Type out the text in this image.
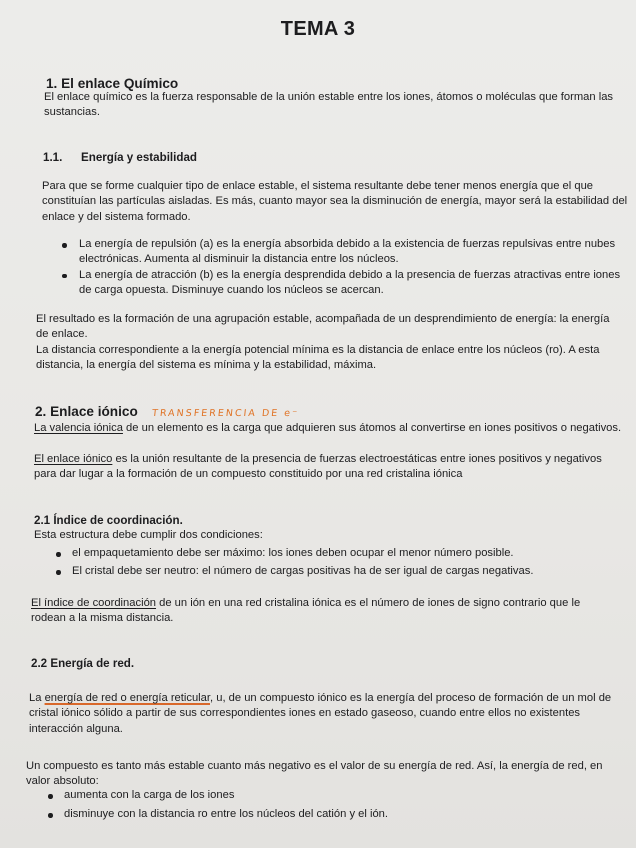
TEMA 3
1. El enlace Químico
El enlace químico es la fuerza responsable de la unión estable entre los iones, átomos o moléculas que forman las
sustancias.
1.1. Energía y estabilidad
Para que se forme cualquier tipo de enlace estable, el sistema resultante debe tener menos energía que el que
constituían las partículas aisladas. Es más, cuanto mayor sea la disminución de energía, mayor será la estabilidad del
enlace y del sistema formado.
La energía de repulsión (a) es la energía absorbida debido a la existencia de fuerzas repulsivas entre nubes
electrónicas. Aumenta al disminuir la distancia entre los núcleos.
La energía de atracción (b) es la energía desprendida debido a la presencia de fuerzas atractivas entre iones
de carga opuesta. Disminuye cuando los núcleos se acercan.
El resultado es la formación de una agrupación estable, acompañada de un desprendimiento de energía: la energía
de enlace.
La distancia correspondiente a la energía potencial mínima es la distancia de enlace entre los núcleos (ro). A esta
distancia, la energía del sistema es mínima y la estabilidad, máxima.
2. Enlace iónico TRANSFERENCIA DE e⁻
La valencia iónica de un elemento es la carga que adquieren sus átomos al convertirse en iones positivos o negativos.
El enlace iónico es la unión resultante de la presencia de fuerzas electroestáticas entre iones positivos y negativos
para dar lugar a la formación de un compuesto constituido por una red cristalina iónica
2.1 Índice de coordinación.
Esta estructura debe cumplir dos condiciones:
el empaquetamiento debe ser máximo: los iones deben ocupar el menor número posible.
El cristal debe ser neutro: el número de cargas positivas ha de ser igual de cargas negativas.
El índice de coordinación de un ión en una red cristalina iónica es el número de iones de signo contrario que le
rodean a la misma distancia.
2.2 Energía de red.
La energía de red o energía reticular, u, de un compuesto iónico es la energía del proceso de formación de un mol de
cristal iónico sólido a partir de sus correspondientes iones en estado gaseoso, cuando entre ellos no existentes
interacción alguna.
Un compuesto es tanto más estable cuanto más negativo es el valor de su energía de red. Así, la energía de red, en
valor absoluto:
aumenta con la carga de los iones
disminuye con la distancia ro entre los núcleos del catión y el ión.
